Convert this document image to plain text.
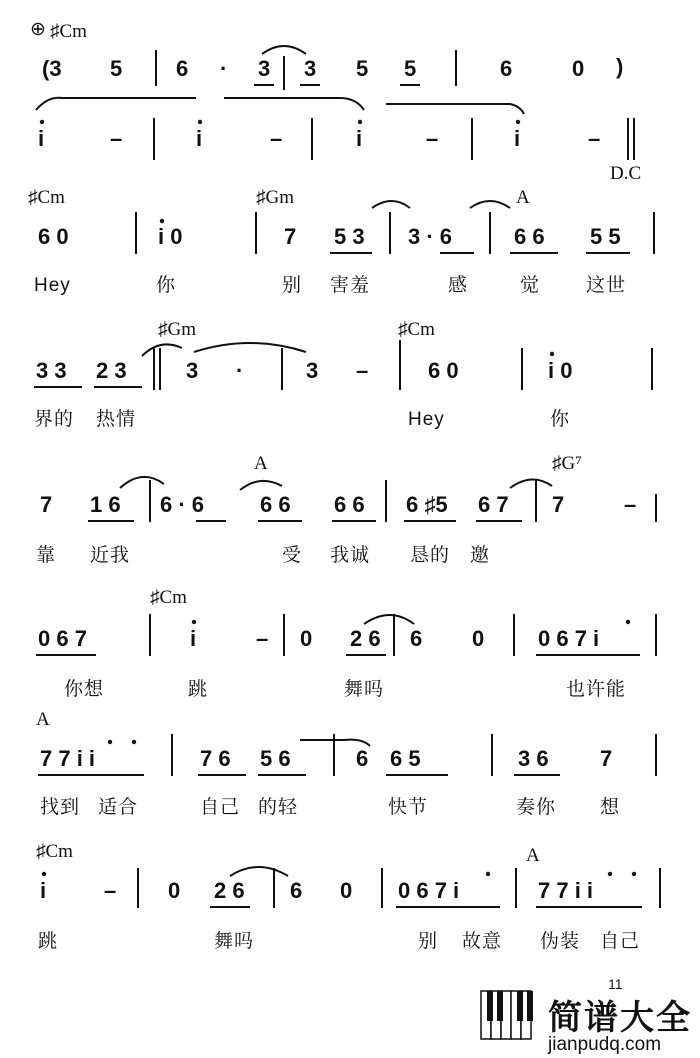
⊕ ♯Cm
(3 5 6 · 3 3 5 5	6	0 )
i	–	i	–	i	–	i	–
D.C
♯Cm	♯Gm	A
6 0	i 0	7 5 3 3 · 6	6 6 5 5
Hey	你	别 害羞	感	觉 这世
♯Gm	♯Cm
3 3 2 3	3 ·	3 –	6 0	i 0
界的 热情	Hey	你
A	♯G⁷
7 1 6 6 · 6	6 6 6 6 6 ♯5 6 7 7	–
靠 近我	受 我诚 恳的 邀
♯Cm
0 6 7	i	– 0 2 6 6 0 0 6 7 i
你想	跳	舞吗	也许能
A
7 7 i i	7 6 5 6	6 6 5	3 6 7
找到 适合	自己 的轻	快节	奏你 想
♯Cm	A
i	– 0 2 6 6 0 0 6 7 i	7 7 i i
跳	舞吗	别 故意 伪装 自己
11
简谱大全
jianpudq.com
